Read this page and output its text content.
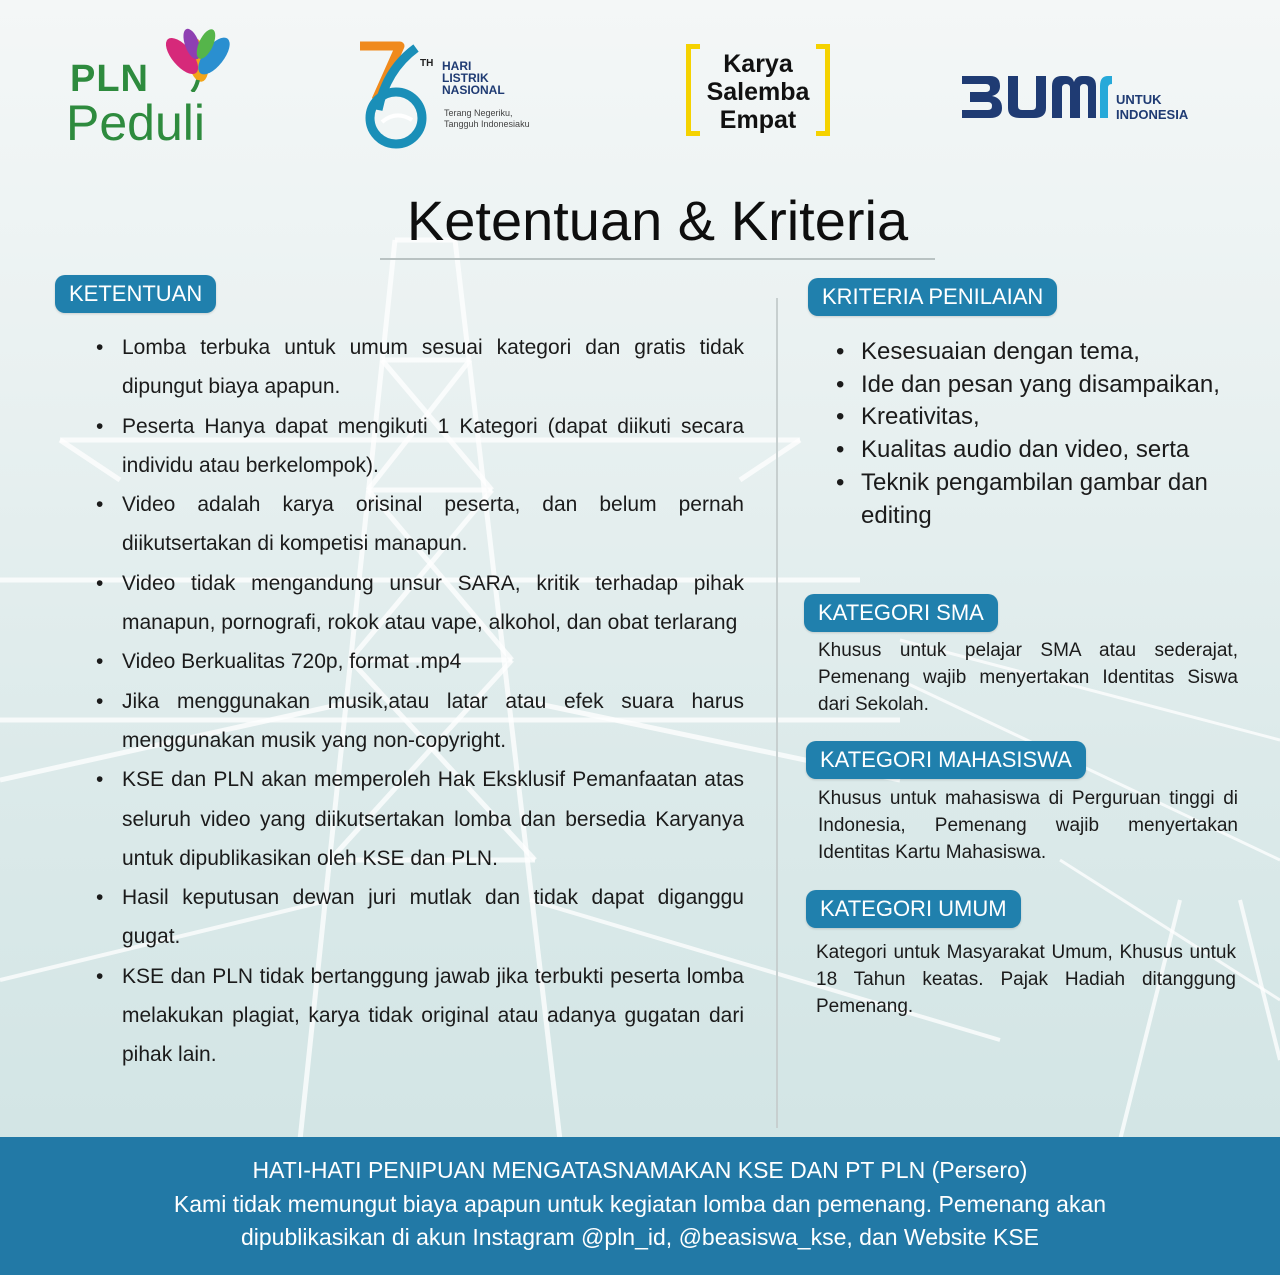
PLN
Peduli
TH HARI
LISTRIK
NASIONAL
Terang Negeriku,
Tangguh Indonesiaku
Karya
Salemba
Empat
UNTUK
INDONESIA
Ketentuan & Kriteria
KETENTUAN
• Lomba terbuka untuk umum sesuai kategori dan gratis tidak dipungut biaya apapun.
• Peserta Hanya dapat mengikuti 1 Kategori (dapat diikuti secara individu atau berkelompok).
• Video adalah karya orisinal peserta, dan belum pernah diikutsertakan di kompetisi manapun.
• Video tidak mengandung unsur SARA, kritik terhadap pihak manapun, pornografi, rokok atau vape, alkohol, dan obat terlarang
• Video Berkualitas 720p, format .mp4
• Jika menggunakan musik,atau latar atau efek suara harus menggunakan musik yang non-copyright.
• KSE dan PLN akan memperoleh Hak Eksklusif Pemanfaatan atas seluruh video yang diikutsertakan lomba dan bersedia Karyanya untuk dipublikasikan oleh KSE dan PLN.
• Hasil keputusan dewan juri mutlak dan tidak dapat diganggu gugat.
• KSE dan PLN tidak bertanggung jawab jika terbukti peserta lomba melakukan plagiat, karya tidak original atau adanya gugatan dari pihak lain.
KRITERIA PENILAIAN
• Kesesuaian dengan tema,
• Ide dan pesan yang disampaikan,
• Kreativitas,
• Kualitas audio dan video, serta
• Teknik pengambilan gambar dan editing
KATEGORI SMA
Khusus untuk pelajar SMA atau sederajat, Pemenang wajib menyertakan Identitas Siswa dari Sekolah.
KATEGORI MAHASISWA
Khusus untuk mahasiswa di Perguruan tinggi di Indonesia, Pemenang wajib menyertakan Identitas Kartu Mahasiswa.
KATEGORI UMUM
Kategori untuk Masyarakat Umum, Khusus untuk 18 Tahun keatas. Pajak Hadiah ditanggung Pemenang.
HATI-HATI PENIPUAN MENGATASNAMAKAN KSE DAN PT PLN (Persero)
Kami tidak memungut biaya apapun untuk kegiatan lomba dan pemenang. Pemenang akan dipublikasikan di akun Instagram @pln_id, @beasiswa_kse, dan Website KSE
